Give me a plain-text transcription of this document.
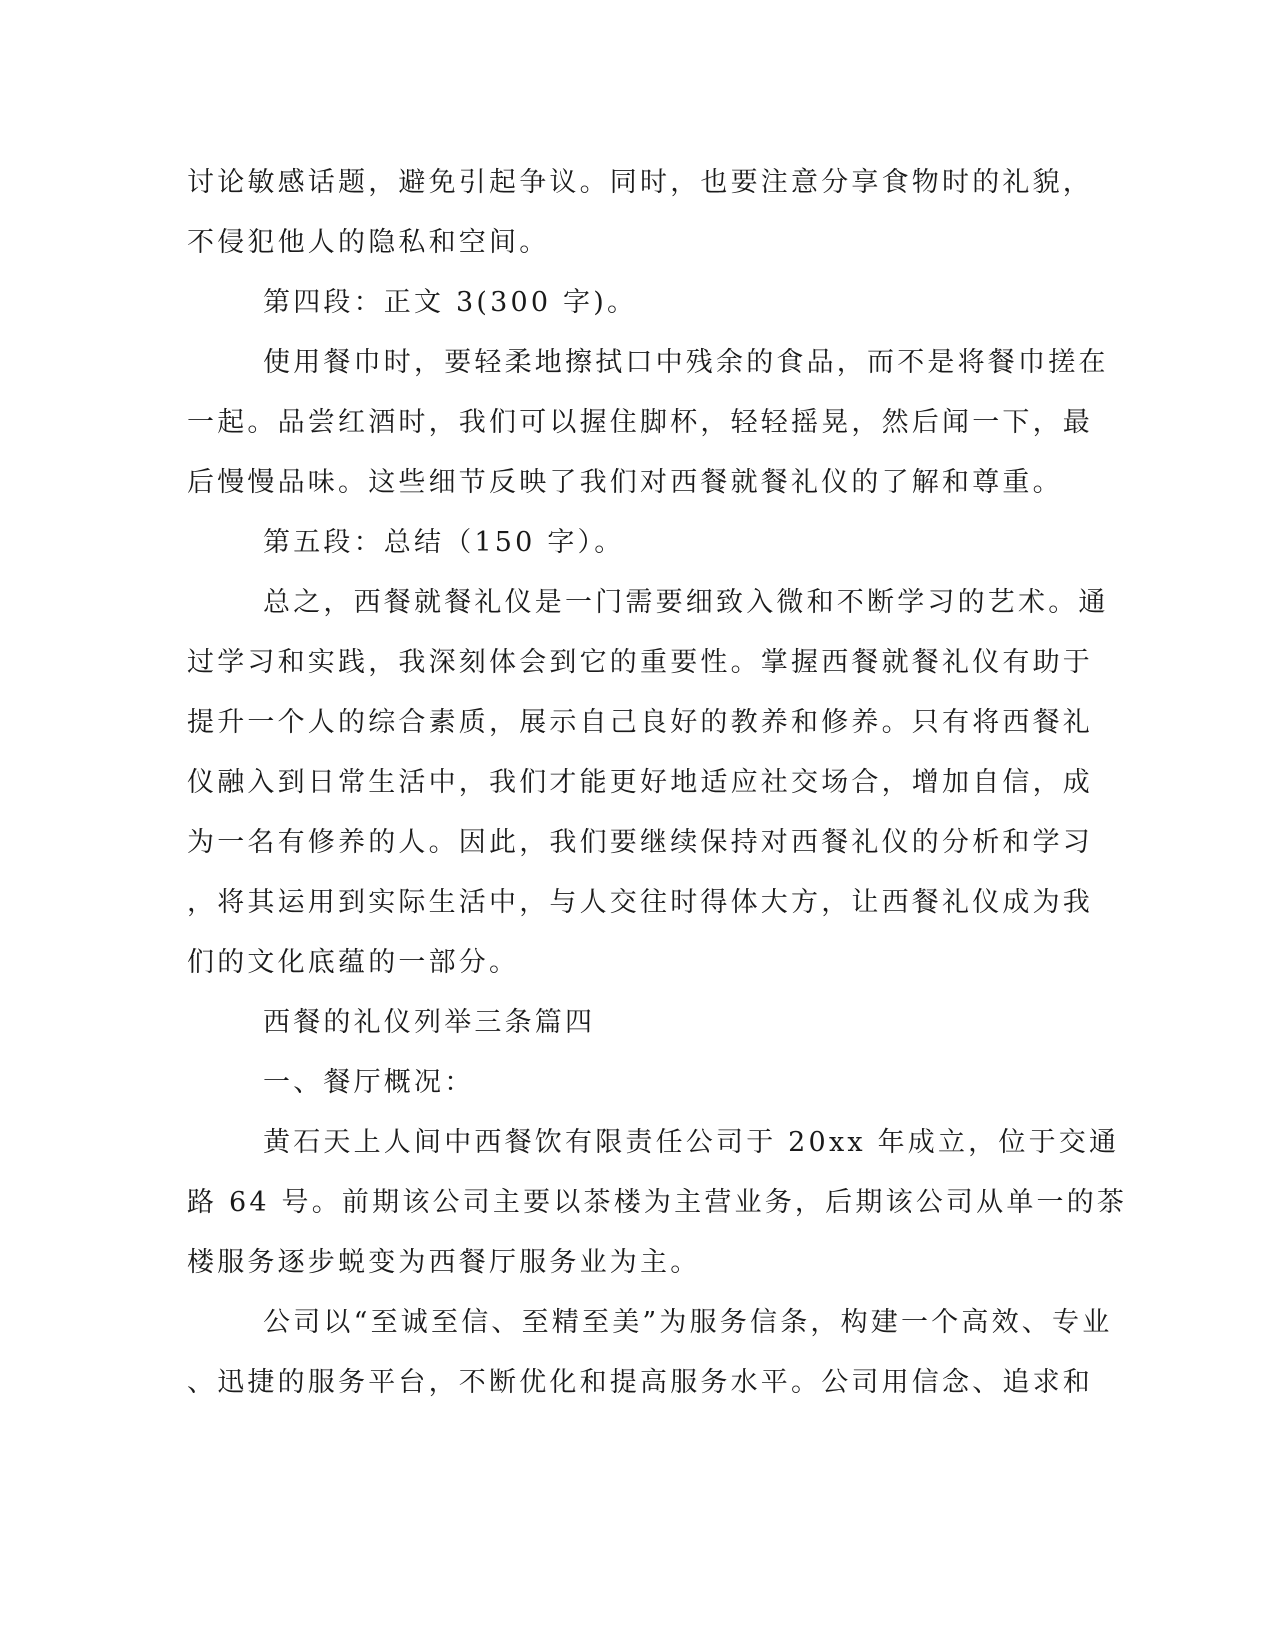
讨论敏感话题，避免引起争议。同时，也要注意分享食物时的礼貌，
不侵犯他人的隐私和空间。
第四段：正文 3(300 字)。
使用餐巾时，要轻柔地擦拭口中残余的食品，而不是将餐巾搓在
一起。品尝红酒时，我们可以握住脚杯，轻轻摇晃，然后闻一下，最
后慢慢品味。这些细节反映了我们对西餐就餐礼仪的了解和尊重。
第五段：总结（150 字）。
总之，西餐就餐礼仪是一门需要细致入微和不断学习的艺术。通
过学习和实践，我深刻体会到它的重要性。掌握西餐就餐礼仪有助于
提升一个人的综合素质，展示自己良好的教养和修养。只有将西餐礼
仪融入到日常生活中，我们才能更好地适应社交场合，增加自信，成
为一名有修养的人。因此，我们要继续保持对西餐礼仪的分析和学习
，将其运用到实际生活中，与人交往时得体大方，让西餐礼仪成为我
们的文化底蕴的一部分。
西餐的礼仪列举三条篇四
一、餐厅概况：
黄石天上人间中西餐饮有限责任公司于 20xx 年成立，位于交通
路 64 号。前期该公司主要以茶楼为主营业务，后期该公司从单一的茶
楼服务逐步蜕变为西餐厅服务业为主。
公司以“至诚至信、至精至美”为服务信条，构建一个高效、专业
、迅捷的服务平台，不断优化和提高服务水平。公司用信念、追求和
